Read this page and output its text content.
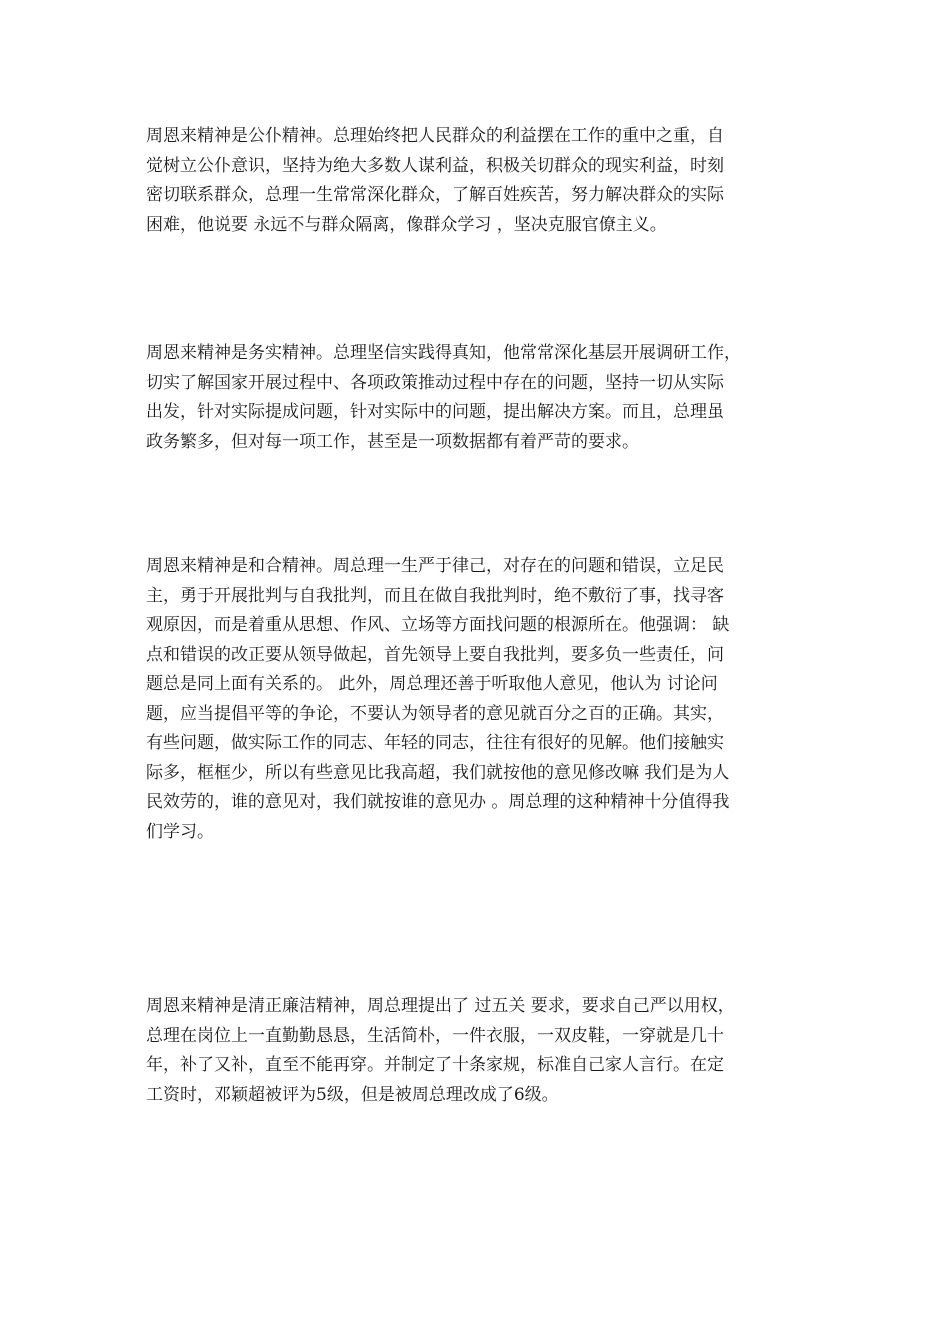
周恩来精神是公仆精神。总理始终把人民群众的利益摆在工作的重中之重，自
觉树立公仆意识，坚持为绝大多数人谋利益，积极关切群众的现实利益，时刻
密切联系群众，总理一生常常深化群众，了解百姓疾苦，努力解决群众的实际
困难，他说要 永远不与群众隔离，像群众学习 ，坚决克服官僚主义。

周恩来精神是务实精神。总理坚信实践得真知，他常常深化基层开展调研工作，
切实了解国家开展过程中、各项政策推动过程中存在的问题，坚持一切从实际
出发，针对实际提成问题，针对实际中的问题，提出解决方案。而且，总理虽
政务繁多，但对每一项工作，甚至是一项数据都有着严苛的要求。

周恩来精神是和合精神。周总理一生严于律己，对存在的问题和错误，立足民
主，勇于开展批判与自我批判，而且在做自我批判时，绝不敷衍了事，找寻客
观原因，而是着重从思想、作风、立场等方面找问题的根源所在。他强调： 缺
点和错误的改正要从领导做起，首先领导上要自我批判，要多负一些责任，问
题总是同上面有关系的。 此外，周总理还善于听取他人意见，他认为 讨论问
题，应当提倡平等的争论，不要认为领导者的意见就百分之百的正确。其实，
有些问题，做实际工作的同志、年轻的同志，往往有很好的见解。他们接触实
际多，框框少，所以有些意见比我高超，我们就按他的意见修改嘛 我们是为人
民效劳的，谁的意见对，我们就按谁的意见办 。周总理的这种精神十分值得我
们学习。

周恩来精神是清正廉洁精神，周总理提出了 过五关 要求，要求自己严以用权，
总理在岗位上一直勤勤恳恳，生活简朴，一件衣服，一双皮鞋，一穿就是几十
年，补了又补，直至不能再穿。并制定了十条家规，标准自己家人言行。在定
工资时，邓颖超被评为5级，但是被周总理改成了6级。
